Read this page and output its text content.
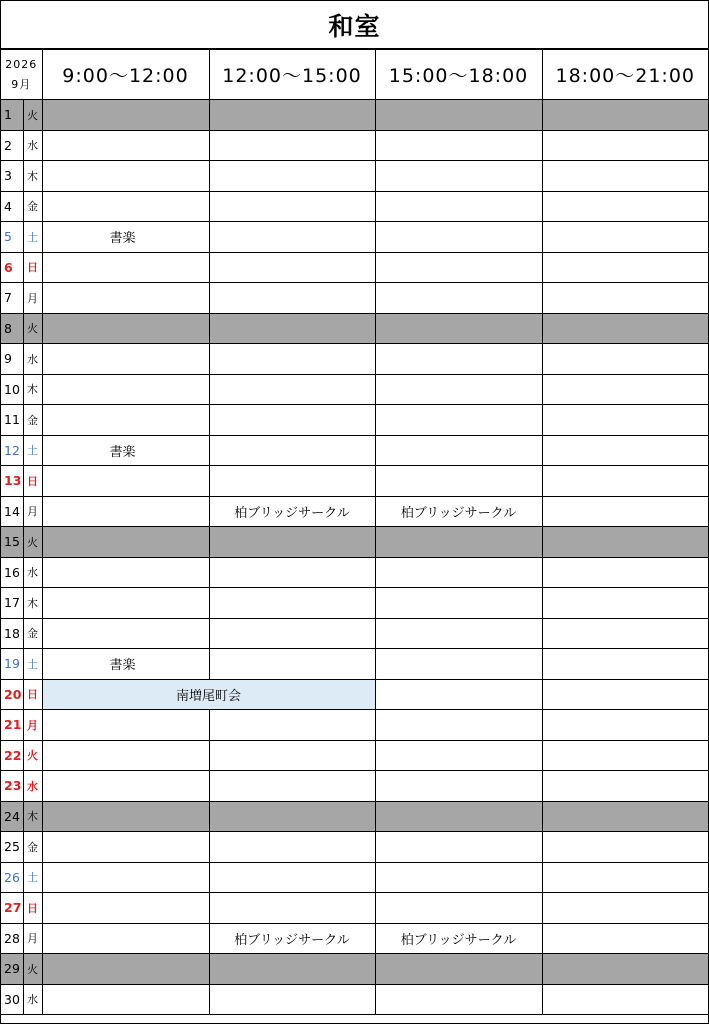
和室
2026
9月		9:00～12:00	12:00～15:00	15:00～18:00	18:00～21:00
1	火				
2	水				
3	木				
4	金				
5	土	書楽			
6	日				
7	月				
8	火				
9	水				
10	木				
11	金				
12	土	書楽			
13	日				
14	月		柏ブリッジサークル	柏ブリッジサークル	
15	火				
16	水				
17	木				
18	金				
19	土	書楽			
20	日	南増尾町会			
21	月				
22	火				
23	水				
24	木				
25	金				
26	土				
27	日				
28	月		柏ブリッジサークル	柏ブリッジサークル	
29	火				
30	水				
